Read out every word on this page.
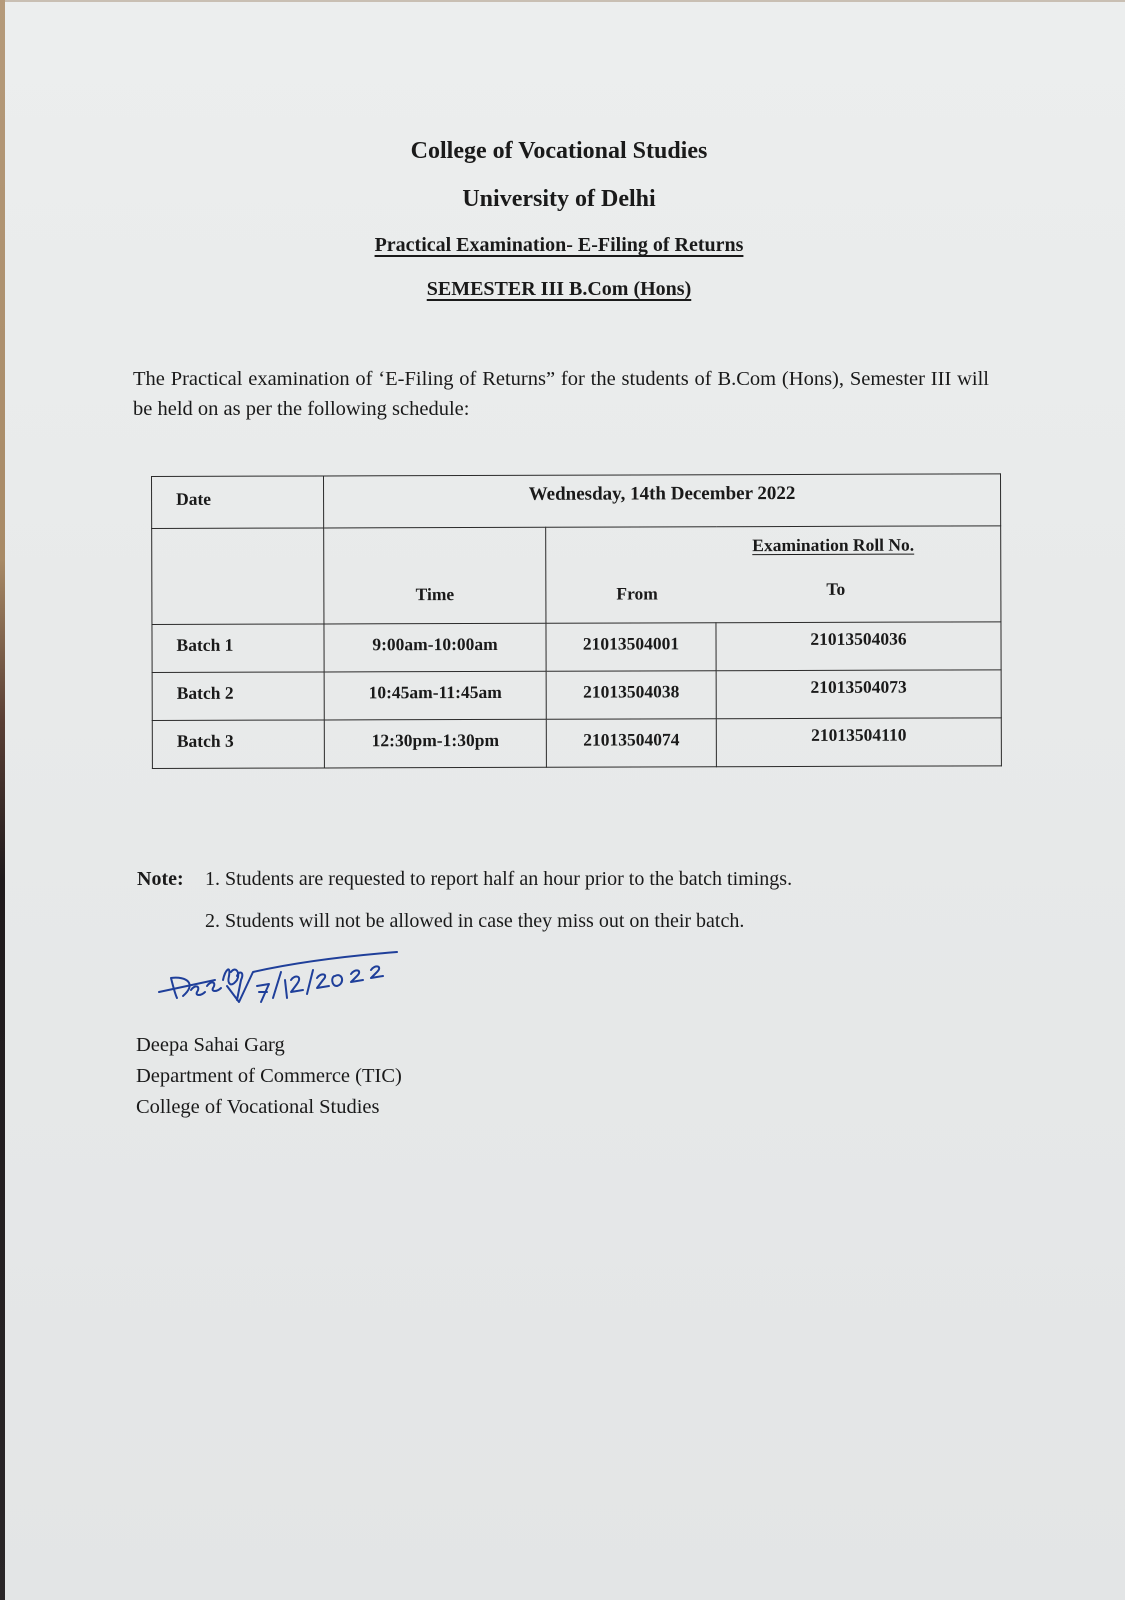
College of Vocational Studies
University of Delhi
Practical Examination- E-Filing of Returns
SEMESTER III B.Com (Hons)

The Practical examination of ‘E-Filing of Returns” for the students of B.Com (Hons), Semester III will be held on as per the following schedule:

Date	Wednesday, 14th December 2022		
	Time	Examination Roll No.
From To	

Batch 1	9:00am-10:00am	21013504001	21013504036
Batch 2	10:45am-11:45am	21013504038	21013504073
Batch 3	12:30pm-1:30pm	21013504074	21013504110
Note: 1. Students are requested to report half an hour prior to the batch timings.
2. Students will not be allowed in case they miss out on their batch.
Deepa Sahai Garg
Department of Commerce (TIC)
College of Vocational Studies
